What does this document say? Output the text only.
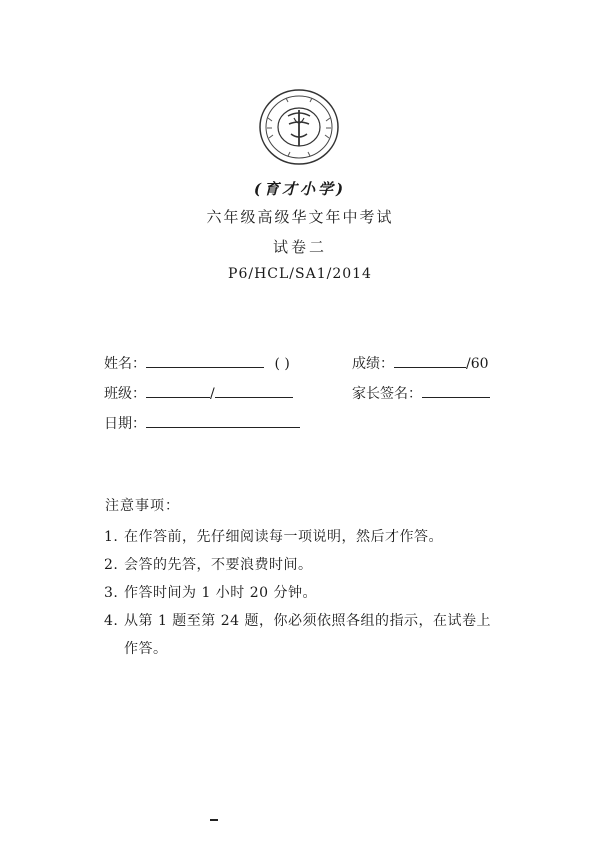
(育才小学)
六年级高级华文年中考试
试卷二
P6/HCL/SA1/2014
姓名：	( )	成绩：	/60
班级：	/	家长签名：
日期：
注意事项：
1. 在作答前，先仔细阅读每一项说明，然后才作答。
2. 会答的先答，不要浪费时间。
3. 作答时间为 1 小时 20 分钟。
4. 从第 1 题至第 24 题，你必须依照各组的指示，在试卷上
作答。
